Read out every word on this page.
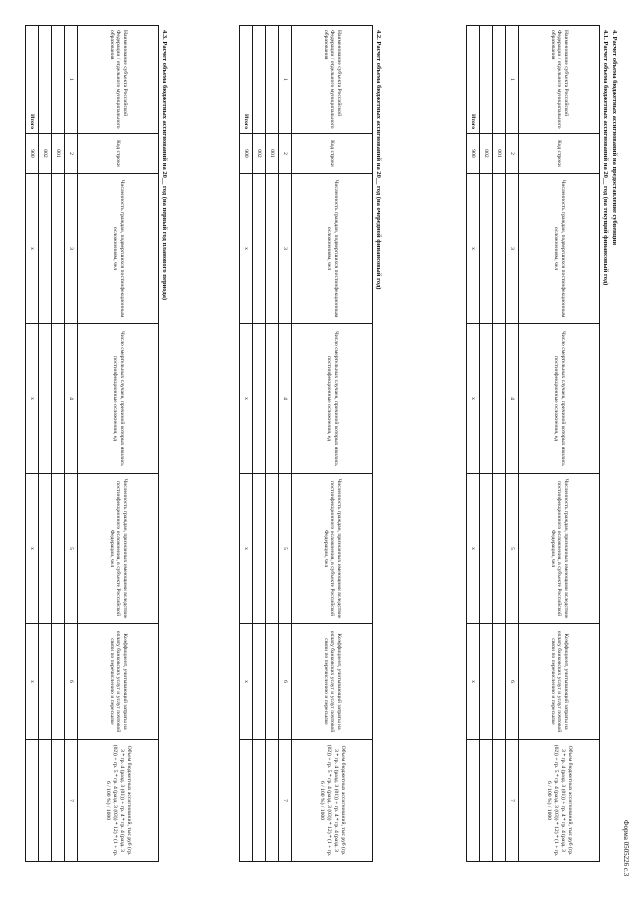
Форма 0505226 с.3
4. Расчет объема бюджетных ассигнований на предоставление субвенции
4.1. Расчет объема бюджетных ассигнований на 20__ год (на текущий финансовый год)
Наименование субъекта Российской Федерации / отдельного муниципального образования	Код строки	Численность граждан, подвергшихся постинфекционным осложнениям, чел	Число смертельных случаев, причиной которых явились постинфекционные осложнения, ед	Численность граждан, признанных имеющими вследствие постинфекционного осложнения, в субъекте Российской Федерации, чел	Коэффициент, учитывающий затраты на оплату банковских услуг и услуг почтовой связи по перечислению и пересылке	Объем бюджетных ассигнований, тыс руб (гр. 3 * гр. 4 (разд. 3 (01)) + гр. 4 * гр. 4 (разд. 3 (02)) + гр. 5 * гр. 4 (разд. 3 (03)) * 12) * (1 + гр. 6 / 100 %) / 1000
1	2	3	4	5	6	7
	001					
	002					
Итого	900	x	x	x	x	
4.2. Расчет объема бюджетных ассигнований на 20__ год (на очередной финансовый год)
Наименование субъекта Российской Федерации / отдельного муниципального образования	Код строки	Численность граждан, подвергшихся постинфекционным осложнениям, чел	Число смертельных случаев, причиной которых явились постинфекционные осложнения, ед	Численность граждан, признанных имеющими вследствие постинфекционного осложнения, в субъекте Российской Федерации, чел	Коэффициент, учитывающий затраты на оплату банковских услуг и услуг почтовой связи по перечислению и пересылке	Объем бюджетных ассигнований, тыс руб (гр. 3 * гр. 4 (разд. 3 (01)) + гр. 4 * гр. 4 (разд. 3 (02)) + гр. 5 * гр. 4 (разд. 3 (03)) * 12) * (1 + гр. 6 / 100 %) / 1000
1	2	3	4	5	6	7
	001					
	002					
Итого	900	x	x	x	x	
4.3. Расчет объема бюджетных ассигнований на 20__ год (на первый год планового периода)
Наименование субъекта Российской Федерации / отдельного муниципального образования	Код строки	Численность граждан, подвергшихся постинфекционным осложнениям, чел	Число смертельных случаев, причиной которых явились постинфекционные осложнения, ед	Численность граждан, признанных имеющими вследствие постинфекционного осложнения, в субъекте Российской Федерации, чел	Коэффициент, учитывающий затраты на оплату банковских услуг и услуг почтовой связи по перечислению и пересылке	Объем бюджетных ассигнований, тыс руб (гр. 3 * гр. 4 (разд. 3 (01)) + гр. 4 * гр. 4 (разд. 3 (02)) + гр. 5 * гр. 4 (разд. 3 (03)) * 12) * (1 + гр. 6 / 100 %) / 1000
1	2	3	4	5	6	7
	001					
	002					
Итого	900	x	x	x	x	
